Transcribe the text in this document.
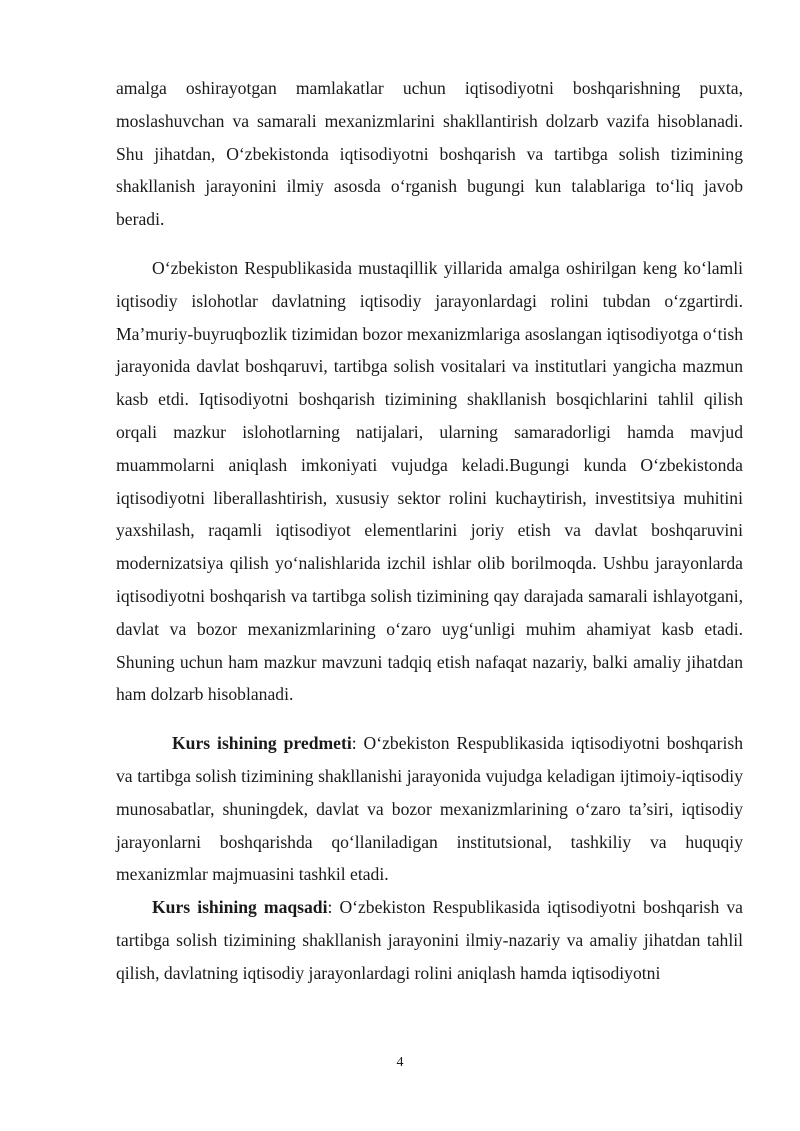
amalga oshirayotgan mamlakatlar uchun iqtisodiyotni boshqarishning puxta, moslashuvchan va samarali mexanizmlarini shakllantirish dolzarb vazifa hisoblanadi. Shu jihatdan, O‘zbekistonda iqtisodiyotni boshqarish va tartibga solish tizimining shakllanish jarayonini ilmiy asosda o‘rganish bugungi kun talablariga to‘liq javob beradi.

O‘zbekiston Respublikasida mustaqillik yillarida amalga oshirilgan keng ko‘lamli iqtisodiy islohotlar davlatning iqtisodiy jarayonlardagi rolini tubdan o‘zgartirdi. Ma’muriy-buyruqbozlik tizimidan bozor mexanizmlariga asoslangan iqtisodiyotga o‘tish jarayonida davlat boshqaruvi, tartibga solish vositalari va institutlari yangicha mazmun kasb etdi. Iqtisodiyotni boshqarish tizimining shakllanish bosqichlarini tahlil qilish orqali mazkur islohotlarning natijalari, ularning samaradorligi hamda mavjud muammolarni aniqlash imkoniyati vujudga keladi.Bugungi kunda O‘zbekistonda iqtisodiyotni liberallashtirish, xususiy sektor rolini kuchaytirish, investitsiya muhitini yaxshilash, raqamli iqtisodiyot elementlarini joriy etish va davlat boshqaruvini modernizatsiya qilish yo‘nalishlarida izchil ishlar olib borilmoqda. Ushbu jarayonlarda iqtisodiyotni boshqarish va tartibga solish tizimining qay darajada samarali ishlayotgani, davlat va bozor mexanizmlarining o‘zaro uyg‘unligi muhim ahamiyat kasb etadi. Shuning uchun ham mazkur mavzuni tadqiq etish nafaqat nazariy, balki amaliy jihatdan ham dolzarb hisoblanadi.

Kurs ishining predmeti: O‘zbekiston Respublikasida iqtisodiyotni boshqarish va tartibga solish tizimining shakllanishi jarayonida vujudga keladigan ijtimoiy-iqtisodiy munosabatlar, shuningdek, davlat va bozor mexanizmlarining o‘zaro ta’siri, iqtisodiy jarayonlarni boshqarishda qo‘llaniladigan institutsional, tashkiliy va huquqiy mexanizmlar majmuasini tashkil etadi.

Kurs ishining maqsadi: O‘zbekiston Respublikasida iqtisodiyotni boshqarish va tartibga solish tizimining shakllanish jarayonini ilmiy-nazariy va amaliy jihatdan tahlil qilish, davlatning iqtisodiy jarayonlardagi rolini aniqlash hamda iqtisodiyotni

4
